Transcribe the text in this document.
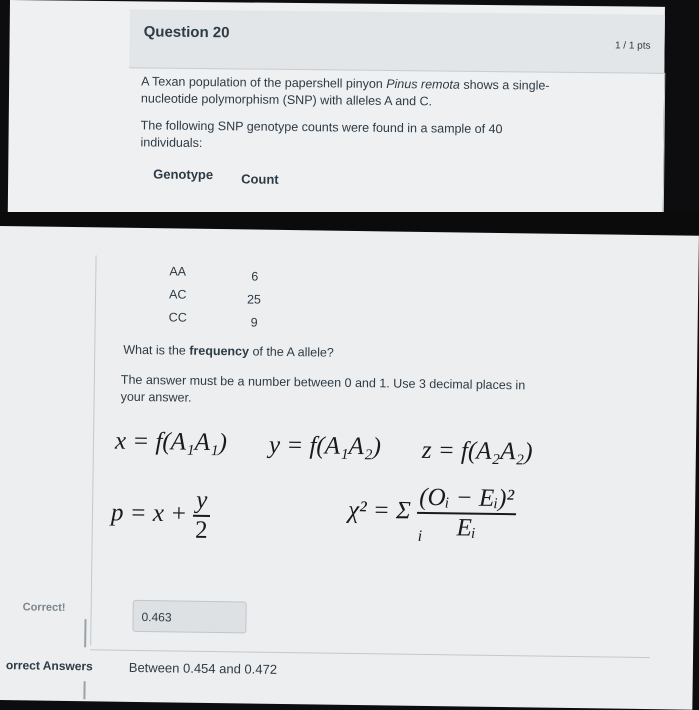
Question 20
1 / 1 pts
A Texan population of the papershell pinyon Pinus remota shows a single-
nucleotide polymorphism (SNP) with alleles A and C.
The following SNP genotype counts were found in a sample of 40
individuals:
Genotype Count
AA	6
AC	25
CC	9
What is the frequency of the A allele?
The answer must be a number between 0 and 1. Use 3 decimal places in
your answer.
x = f(A₁A₁) y = f(A₁A₂) z = f(A₂A₂)
$p = x + \frac{y}{2}$	χ² = Σ $\frac{\text{(Oᵢ − Eᵢ)²}}{\text{Eᵢ}}$
i
Correct!
0.463
orrect Answers	Between 0.454 and 0.472
